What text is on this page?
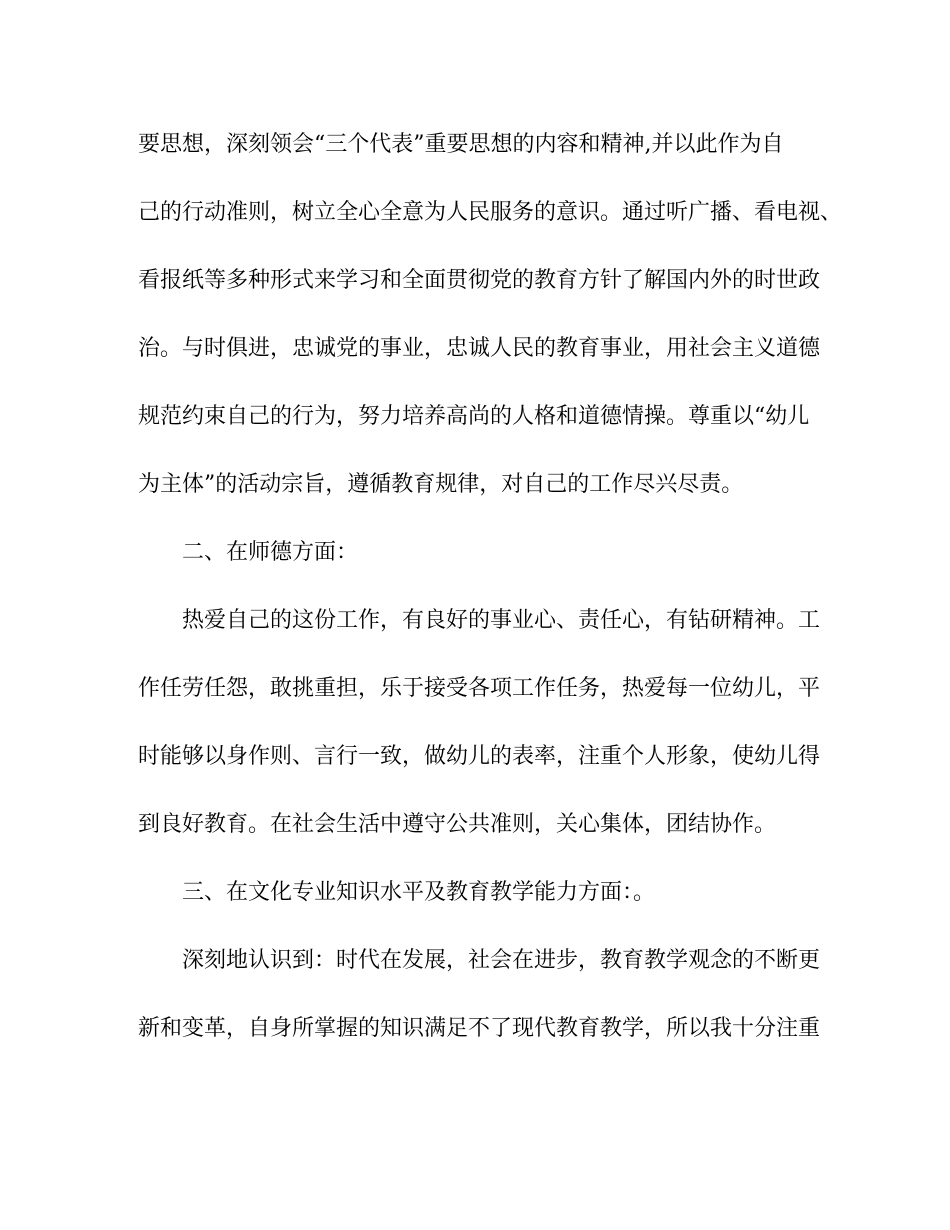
要思想，深刻领会“三个代表”重要思想的内容和精神,并以此作为自
己的行动准则，树立全心全意为人民服务的意识。通过听广播、看电视、
看报纸等多种形式来学习和全面贯彻党的教育方针了解国内外的时世政
治。与时俱进，忠诚党的事业，忠诚人民的教育事业，用社会主义道德
规范约束自己的行为，努力培养高尚的人格和道德情操。尊重以“幼儿
为主体”的活动宗旨，遵循教育规律，对自己的工作尽兴尽责。
二、在师德方面：
热爱自己的这份工作，有良好的事业心、责任心，有钻研精神。工
作任劳任怨，敢挑重担，乐于接受各项工作任务，热爱每一位幼儿，平
时能够以身作则、言行一致，做幼儿的表率，注重个人形象，使幼儿得
到良好教育。在社会生活中遵守公共准则，关心集体，团结协作。
三、在文化专业知识水平及教育教学能力方面：。
深刻地认识到：时代在发展，社会在进步，教育教学观念的不断更
新和变革，自身所掌握的知识满足不了现代教育教学，所以我十分注重
